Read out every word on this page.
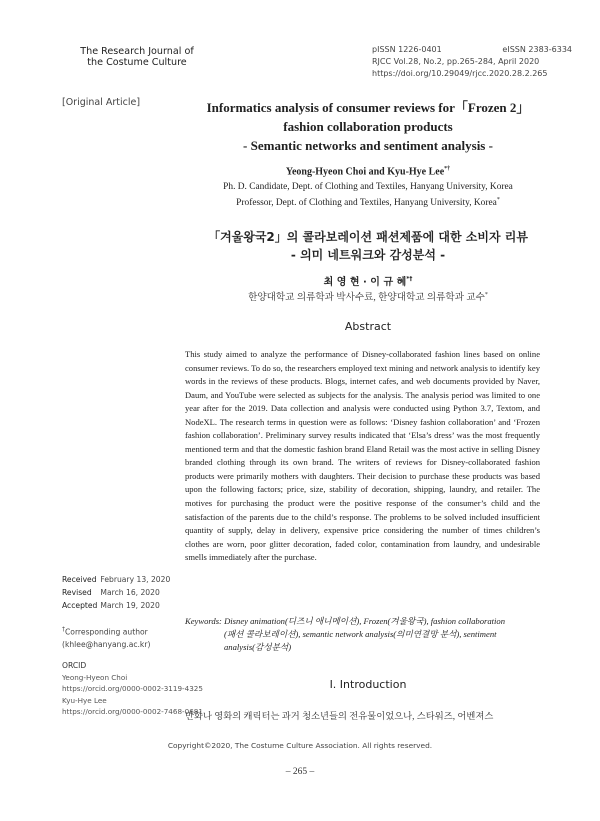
The Research Journal of
the Costume Culture
pISSN 1226-0401	eISSN 2383-6334
RJCC Vol.28, No.2, pp.265-284, April 2020
https://doi.org/10.29049/rjcc.2020.28.2.265
[Original Article]	Informatics analysis of consumer reviews for「Frozen 2」
fashion collaboration products
- Semantic networks and sentiment analysis -
Yeong-Hyeon Choi and Kyu-Hye Lee*†
Ph. D. Candidate, Dept. of Clothing and Textiles, Hanyang University, Korea
Professor, Dept. of Clothing and Textiles, Hanyang University, Korea*
「겨울왕국2」의 콜라보레이션 패션제품에 대한 소비자 리뷰
- 의미 네트워크와 감성분석 -
최 영 현 · 이 규 혜*†
한양대학교 의류학과 박사수료, 한양대학교 의류학과 교수*
Abstract
This study aimed to analyze the performance of Disney-collaborated fashion lines based on online consumer reviews. To do so, the researchers employed text mining and network analysis to identify key words in the reviews of these products. Blogs, internet cafes, and web documents provided by Naver, Daum, and YouTube were selected as subjects for the analysis. The analysis period was limited to one year after for the 2019. Data collection and analysis were conducted using Python 3.7, Textom, and NodeXL. The research terms in question were as follows: ‘Disney fashion collaboration’ and ‘Frozen fashion collaboration’. Preliminary survey results indicated that ‘Elsa’s dress’ was the most frequently mentioned term and that the domestic fashion brand Eland Retail was the most active in selling Disney branded clothing through its own brand. The writers of reviews for Disney-collaborated fashion products were primarily mothers with daughters. Their decision to purchase these products was based upon the following factors; price, size, stability of decoration, shipping, laundry, and retailer. The motives for purchasing the product were the positive response of the consumer’s child and the satisfaction of the parents due to the child’s response. The problems to be solved included insufficient quantity of supply, delay in delivery, expensive price considering the number of times children’s clothes are worn, poor glitter decoration, faded color, contamination from laundry, and undesirable smells immediately after the purchase.
Keywords: Disney animation(디즈니 애니메이션), Frozen(겨울왕국), fashion collaboration
(패션 콜라보레이션), semantic network analysis(의미연결망 분석), sentiment
analysis(감성분석)
Received February 13, 2020
Revised March 16, 2020
Accepted March 19, 2020
†Corresponding author
(khlee@hanyang.ac.kr)
ORCID
Yeong-Hyeon Choi
https://orcid.org/0000-0002-3119-4325
Kyu-Hye Lee
https://orcid.org/0000-0002-7468-0681
I. Introduction
만화나 영화의 캐릭터는 과거 청소년들의 전유물이었으나, 스타워즈, 어벤져스
Copyright©2020, The Costume Culture Association. All rights reserved.
– 265 –
